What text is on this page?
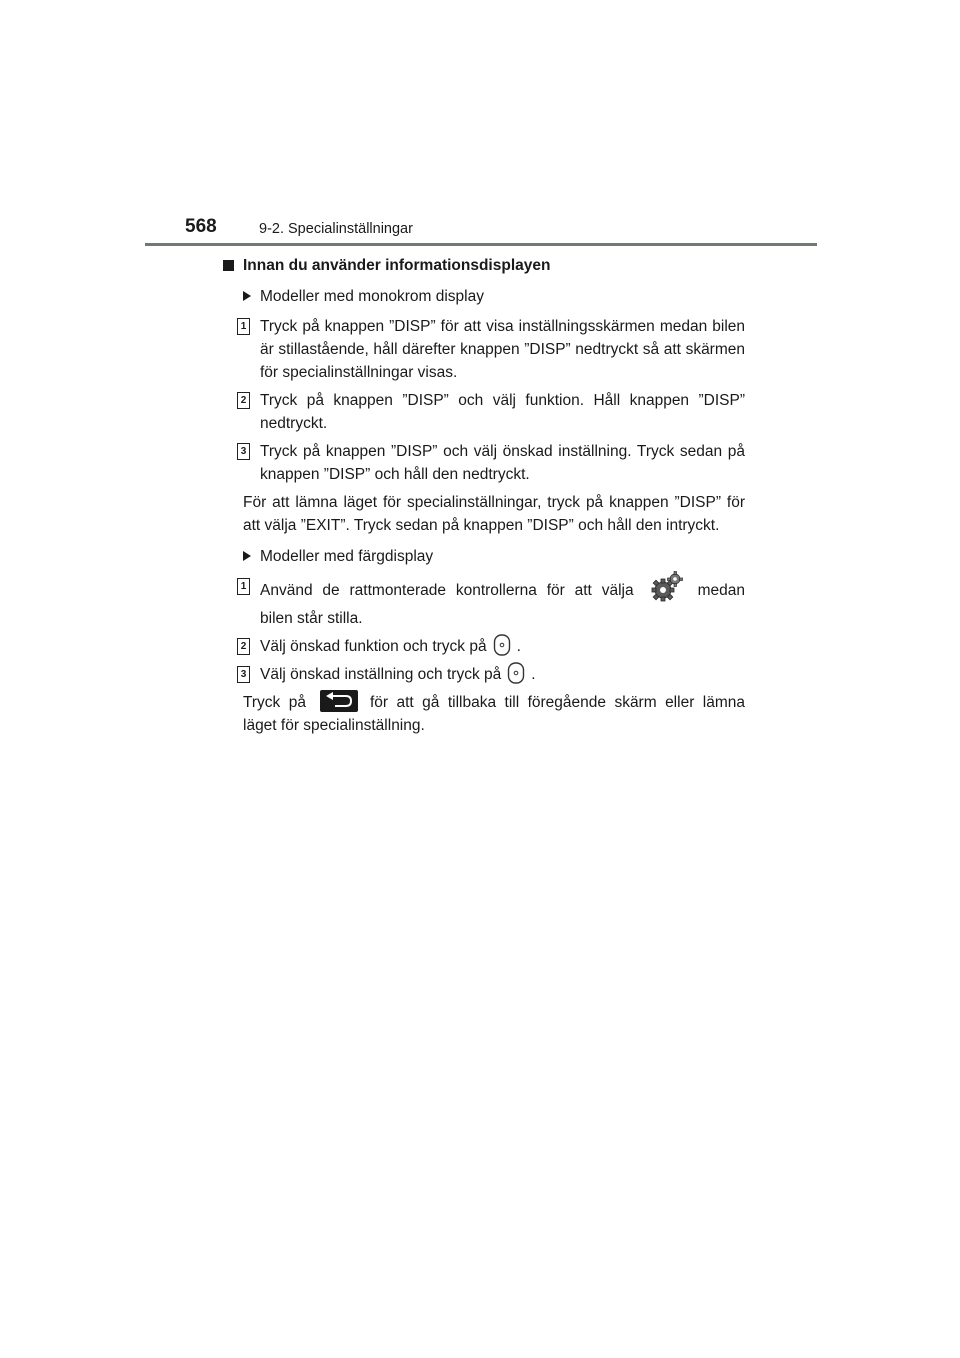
568	9-2. Specialinställningar
Innan du använder informationsdisplayen
Modeller med monokrom display
1 Tryck på knappen ”DISP” för att visa inställningsskärmen medan bilen är stillastående, håll därefter knappen ”DISP” nedtryckt så att skärmen för specialinställningar visas.
2 Tryck på knappen ”DISP” och välj funktion. Håll knappen ”DISP” nedtryckt.
3 Tryck på knappen ”DISP” och välj önskad inställning. Tryck sedan på knappen ”DISP” och håll den nedtryckt.
För att lämna läget för specialinställningar, tryck på knappen ”DISP” för att välja ”EXIT”. Tryck sedan på knappen ”DISP” och håll den intryckt.
Modeller med färgdisplay
1 Använd de rattmonterade kontrollerna för att välja	medan bilen står stilla.
2 Välj önskad funktion och tryck på .
3 Välj önskad inställning och tryck på .
Tryck på	för att gå tillbaka till föregående skärm eller lämna läget för specialinställning.
